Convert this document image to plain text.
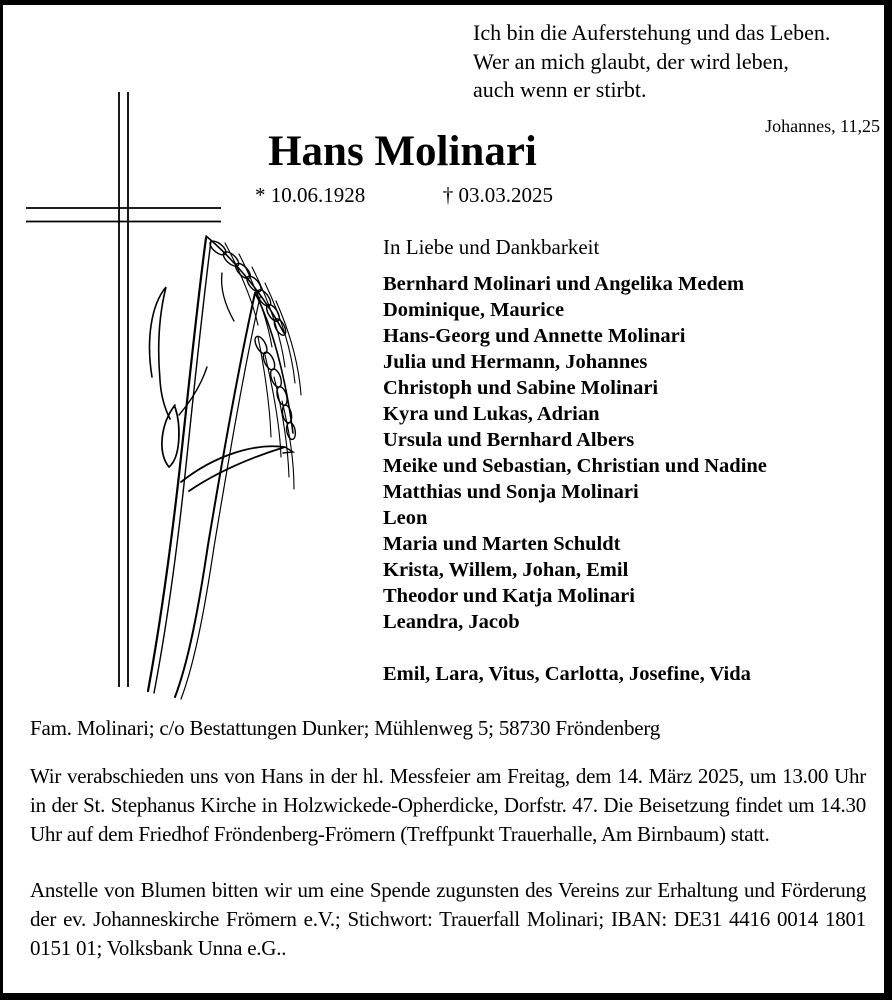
Ich bin die Auferstehung und das Leben.
Wer an mich glaubt, der wird leben,
auch wenn er stirbt.
Johannes, 11,25
Hans Molinari
* 10.06.1928	† 03.03.2025
In Liebe und Dankbarkeit
Bernhard Molinari und Angelika Medem
Dominique, Maurice
Hans-Georg und Annette Molinari
Julia und Hermann, Johannes
Christoph und Sabine Molinari
Kyra und Lukas, Adrian
Ursula und Bernhard Albers
Meike und Sebastian, Christian und Nadine
Matthias und Sonja Molinari
Leon
Maria und Marten Schuldt
Krista, Willem, Johan, Emil
Theodor und Katja Molinari
Leandra, Jacob
Emil, Lara, Vitus, Carlotta, Josefine, Vida
Fam. Molinari; c/o Bestattungen Dunker; Mühlenweg 5; 58730 Fröndenberg

Wir verabschieden uns von Hans in der hl. Messfeier am Freitag, dem 14. März 2025, um 13.00 Uhr in der St. Stephanus Kirche in Holzwickede-Opherdicke, Dorfstr. 47. Die Beisetzung findet um 14.30 Uhr auf dem Friedhof Fröndenberg-Frömern (Treffpunkt Trauerhalle, Am Birnbaum) statt.

Anstelle von Blumen bitten wir um eine Spende zugunsten des Vereins zur Erhaltung und Förderung der ev. Johanneskirche Frömern e.V.; Stichwort: Trauerfall Molinari; IBAN: DE31 4416 0014 1801 0151 01; Volksbank Unna e.G..
